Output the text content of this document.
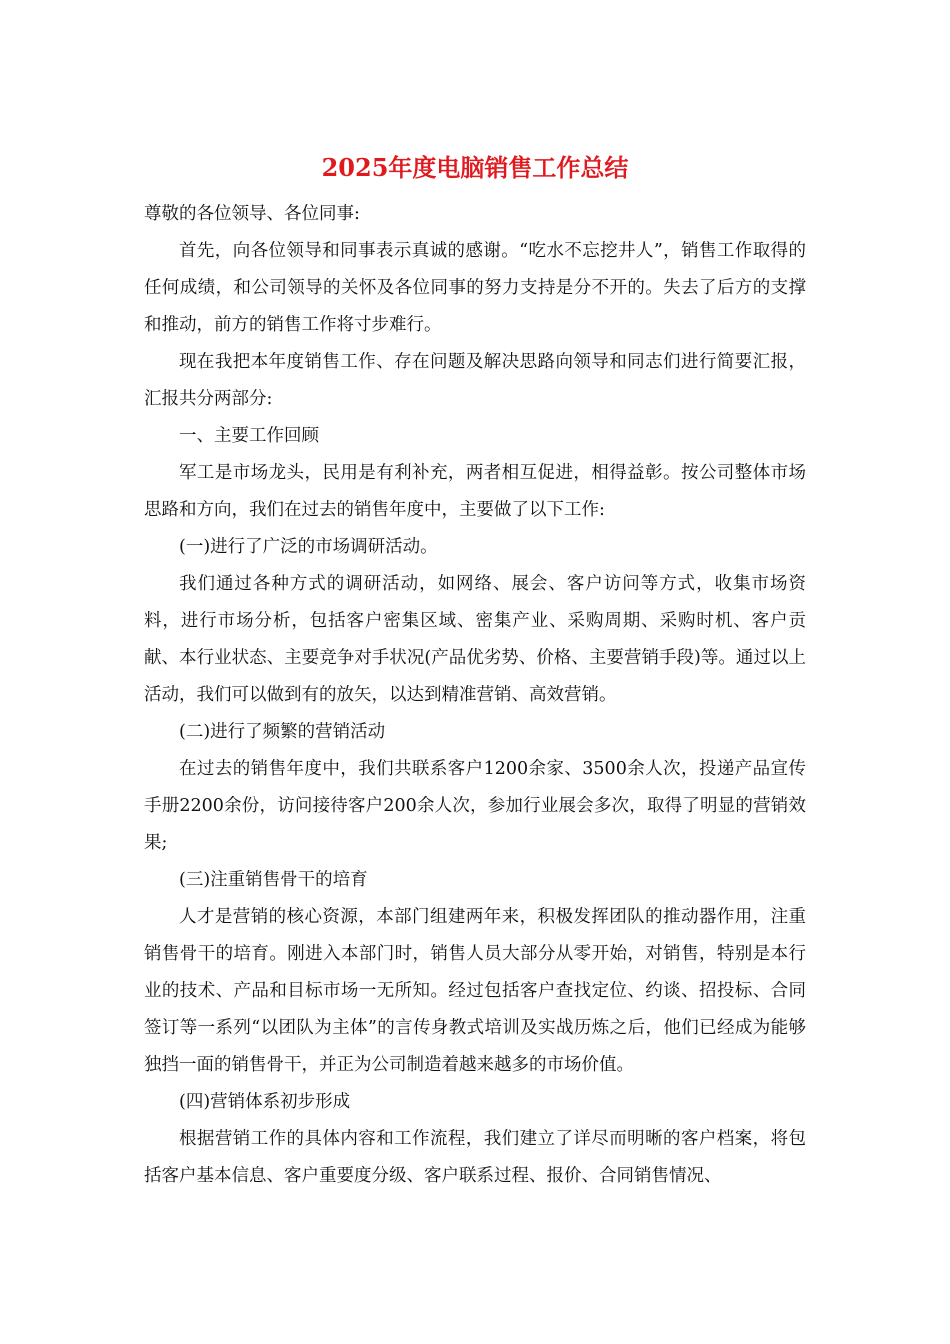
2025年度电脑销售工作总结

尊敬的各位领导、各位同事:

首先，向各位领导和同事表示真诚的感谢。“吃水不忘挖井人”，销售工作取得的任何成绩，和公司领导的关怀及各位同事的努力支持是分不开的。失去了后方的支撑和推动，前方的销售工作将寸步难行。

现在我把本年度销售工作、存在问题及解决思路向领导和同志们进行简要汇报，汇报共分两部分:

一、主要工作回顾

军工是市场龙头，民用是有利补充，两者相互促进，相得益彰。按公司整体市场思路和方向，我们在过去的销售年度中，主要做了以下工作:

(一)进行了广泛的市场调研活动。

我们通过各种方式的调研活动，如网络、展会、客户访问等方式，收集市场资料，进行市场分析，包括客户密集区域、密集产业、采购周期、采购时机、客户贡献、本行业状态、主要竞争对手状况(产品优劣势、价格、主要营销手段)等。通过以上活动，我们可以做到有的放矢，以达到精准营销、高效营销。

(二)进行了频繁的营销活动

在过去的销售年度中，我们共联系客户1200余家、3500余人次，投递产品宣传手册2200余份，访问接待客户200余人次，参加行业展会多次，取得了明显的营销效果;

(三)注重销售骨干的培育

人才是营销的核心资源，本部门组建两年来，积极发挥团队的推动器作用，注重销售骨干的培育。刚进入本部门时，销售人员大部分从零开始，对销售，特别是本行业的技术、产品和目标市场一无所知。经过包括客户查找定位、约谈、招投标、合同签订等一系列“以团队为主体”的言传身教式培训及实战历炼之后，他们已经成为能够独挡一面的销售骨干，并正为公司制造着越来越多的市场价值。

(四)营销体系初步形成

根据营销工作的具体内容和工作流程，我们建立了详尽而明晰的客户档案，将包括客户基本信息、客户重要度分级、客户联系过程、报价、合同销售情况、
